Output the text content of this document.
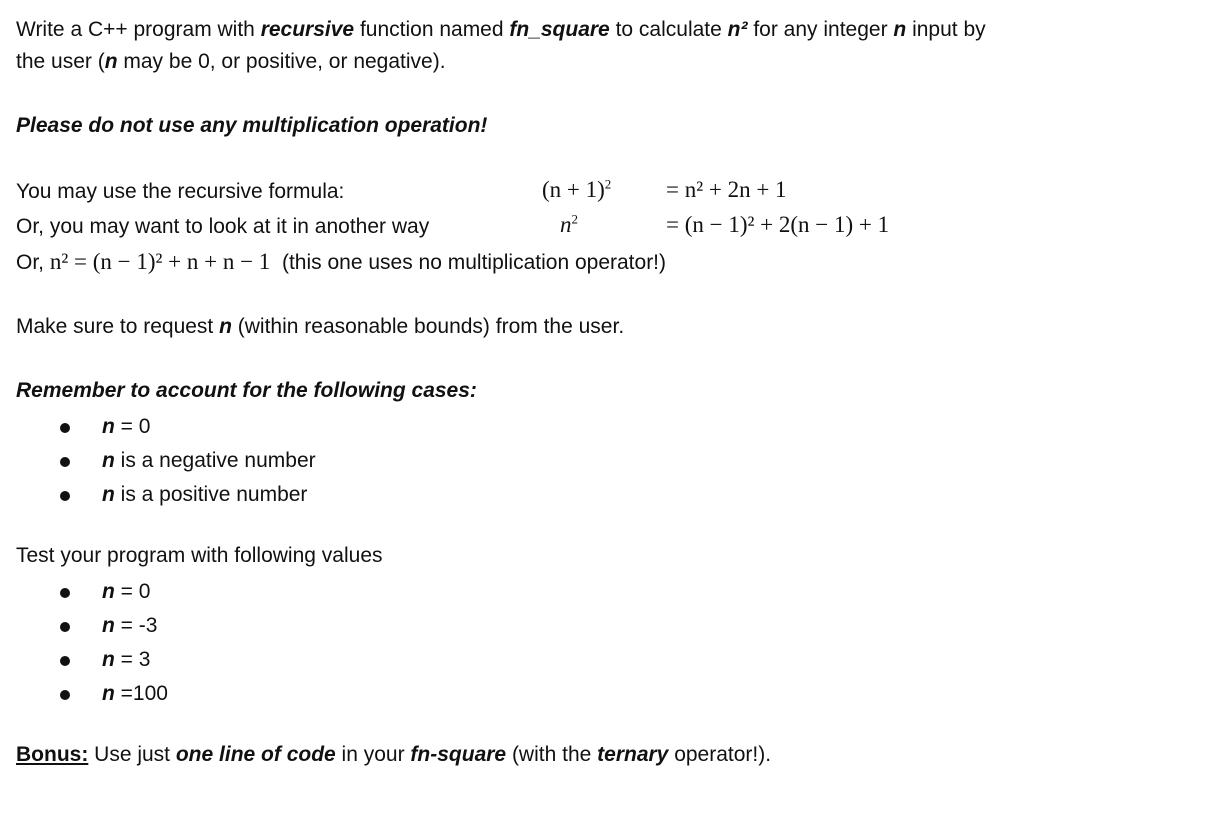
Write a C++ program with recursive function named fn_square to calculate n² for any integer n input by
the user (n may be 0, or positive, or negative).
Please do not use any multiplication operation!
You may use the recursive formula:	$(n + 1)^2 = n^2 + 2n + 1$
Or, you may want to look at it in another way	$n^2$	= (n − 1)² + 2(n − 1) + 1
Or, n² = (n − 1)² + n + n − 1 (this one uses no multiplication operator!)
Make sure to request n (within reasonable bounds) from the user.
Remember to account for the following cases:
n = 0
n is a negative number
n is a positive number
Test your program with following values
n = 0
n = -3
n = 3
n =100
Bonus: Use just one line of code in your fn-square (with the ternary operator!).
